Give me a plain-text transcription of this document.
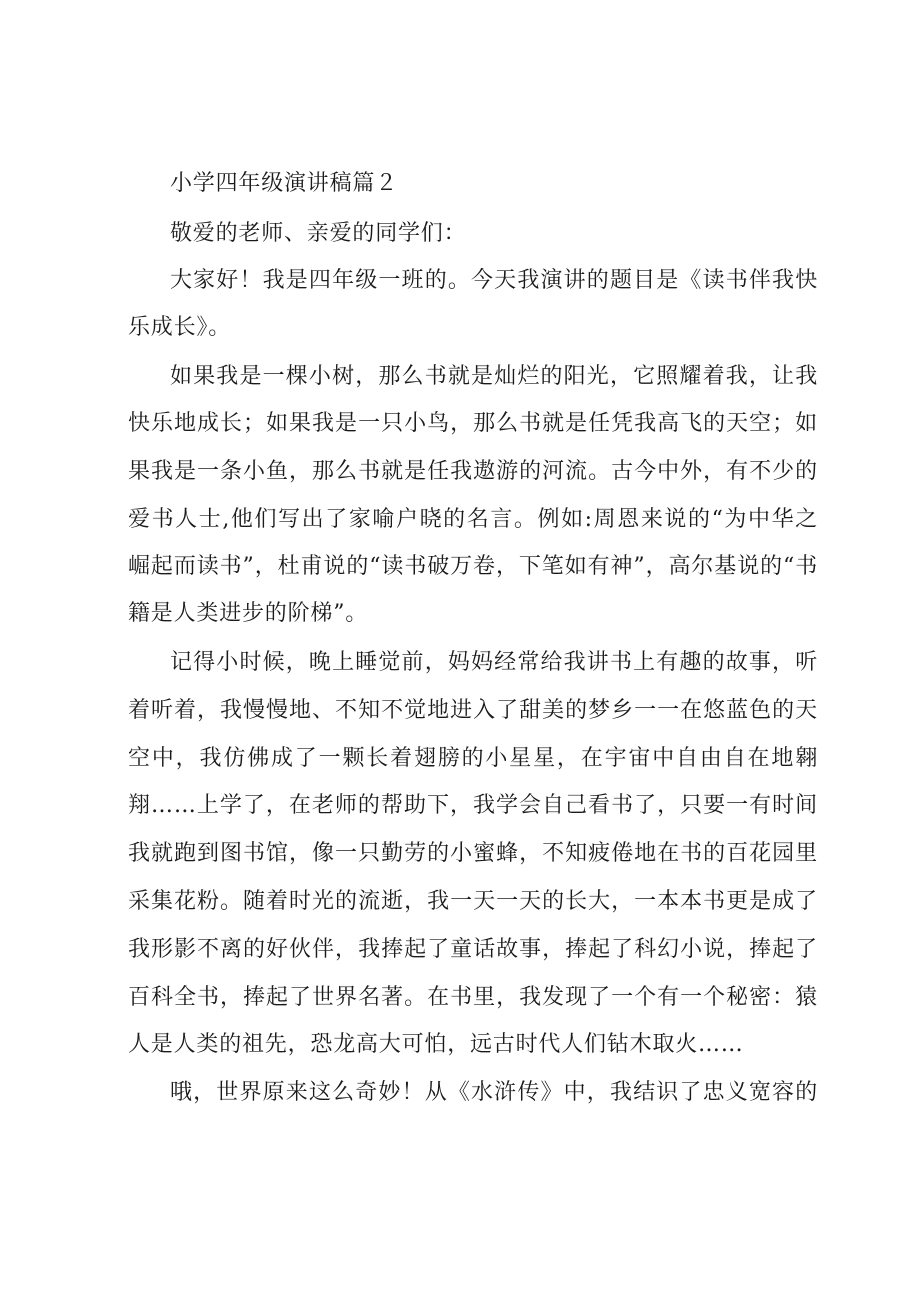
小学四年级演讲稿篇２
敬爱的老师、亲爱的同学们：
大家好！我是四年级一班的。今天我演讲的题目是《读书伴我快
乐成长》。
如果我是一棵小树，那么书就是灿烂的阳光，它照耀着我，让我
快乐地成长；如果我是一只小鸟，那么书就是任凭我高飞的天空；如
果我是一条小鱼，那么书就是任我遨游的河流。古今中外，有不少的
爱书人士,他们写出了家喻户晓的名言。例如:周恩来说的“为中华之
崛起而读书”，杜甫说的“读书破万卷，下笔如有神”，高尔基说的“书
籍是人类进步的阶梯”。
记得小时候，晚上睡觉前，妈妈经常给我讲书上有趣的故事，听
着听着，我慢慢地、不知不觉地进入了甜美的梦乡一一在悠蓝色的天
空中，我仿佛成了一颗长着翅膀的小星星，在宇宙中自由自在地翱
翔……上学了，在老师的帮助下，我学会自己看书了，只要一有时间
我就跑到图书馆，像一只勤劳的小蜜蜂，不知疲倦地在书的百花园里
采集花粉。随着时光的流逝，我一天一天的长大，一本本书更是成了
我形影不离的好伙伴，我捧起了童话故事，捧起了科幻小说，捧起了
百科全书，捧起了世界名著。在书里，我发现了一个有一个秘密：猿
人是人类的祖先，恐龙高大可怕，远古时代人们钻木取火……
哦，世界原来这么奇妙！从《水浒传》中，我结识了忠义宽容的
